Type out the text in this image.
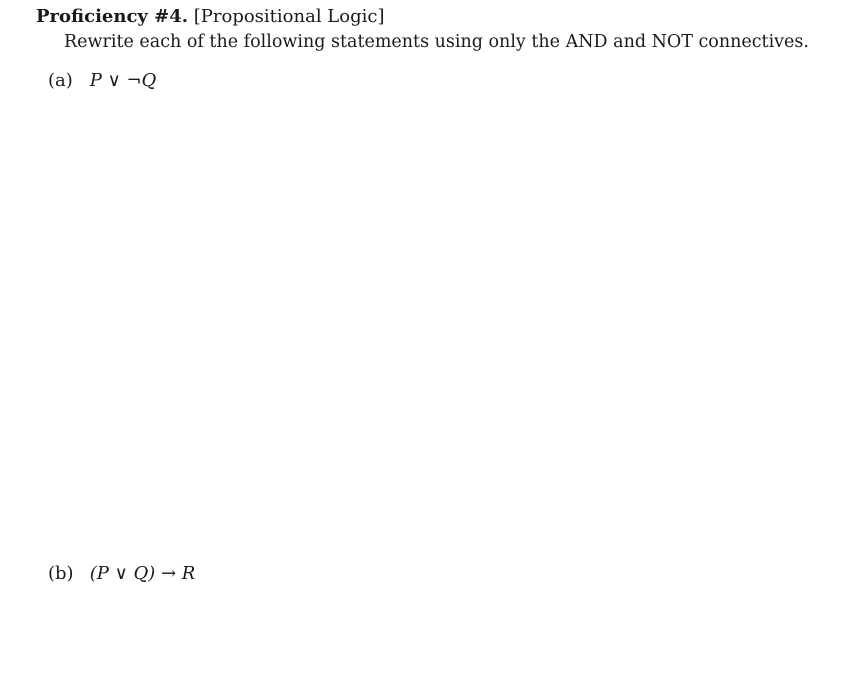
Proficiency #4. [Propositional Logic]
Rewrite each of the following statements using only the AND and NOT connectives.
(a) P ∨ ¬Q
(b) (P ∨ Q) → R
